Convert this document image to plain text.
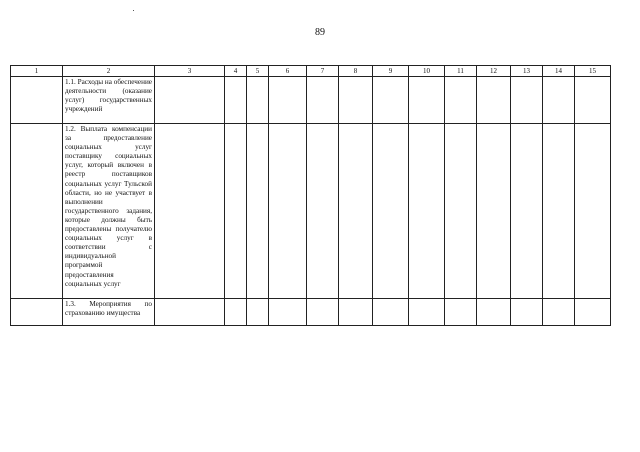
89
1	2	3	4	5	6	7	8	9	10	11	12	13	14	15

	1.1. Расходы на обеспечение деятельности (оказание услуг) государственных учреждений													

	1.2. Выплата компенсации за предоставление социальных услуг поставщику социальных услуг, который включен в реестр поставщиков социальных услуг Тульской области, но не участвует в выполнении государственного задания, которые должны быть предоставлены получателю социальных услуг в соответствии с индивидуальной программой предоставления социальных услуг													

	1.3. Мероприятия по страхованию имущества													
